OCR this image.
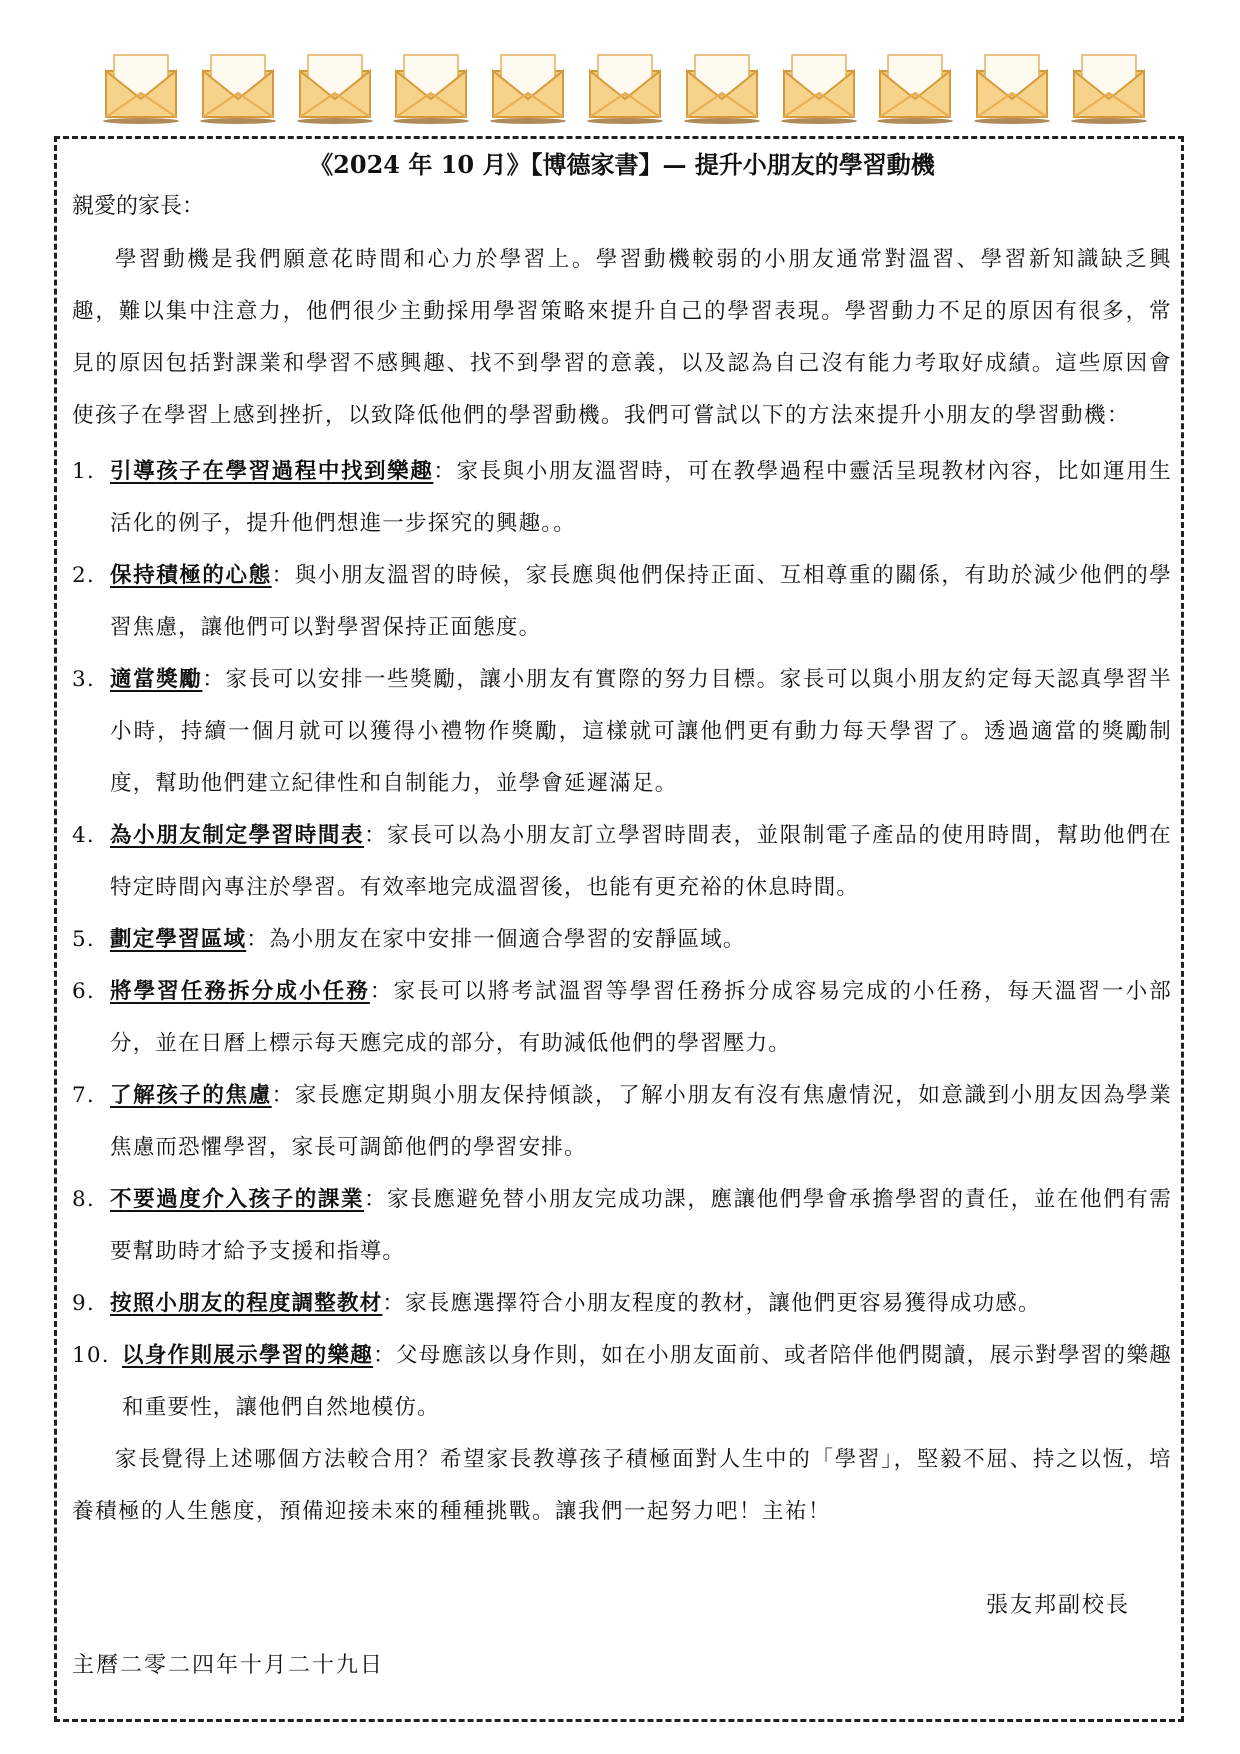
《2024 年 10 月》【博德家書】— 提升小朋友的學習動機
親愛的家長：

學習動機是我們願意花時間和心力於學習上。學習動機較弱的小朋友通常對溫習、學習新知識缺乏興趣，難以集中注意力，他們很少主動採用學習策略來提升自己的學習表現。學習動力不足的原因有很多，常見的原因包括對課業和學習不感興趣、找不到學習的意義，以及認為自己沒有能力考取好成績。這些原因會使孩子在學習上感到挫折，以致降低他們的學習動機。我們可嘗試以下的方法來提升小朋友的學習動機：

1. 引導孩子在學習過程中找到樂趣：家長與小朋友溫習時，可在教學過程中靈活呈現教材內容，比如運用生活化的例子，提升他們想進一步探究的興趣。。
2. 保持積極的心態：與小朋友溫習的時候，家長應與他們保持正面、互相尊重的關係，有助於減少他們的學習焦慮，讓他們可以對學習保持正面態度。
3. 適當獎勵：家長可以安排一些獎勵，讓小朋友有實際的努力目標。家長可以與小朋友約定每天認真學習半小時，持續一個月就可以獲得小禮物作獎勵，這樣就可讓他們更有動力每天學習了。透過適當的獎勵制度，幫助他們建立紀律性和自制能力，並學會延遲滿足。
4. 為小朋友制定學習時間表：家長可以為小朋友訂立學習時間表，並限制電子產品的使用時間，幫助他們在特定時間內專注於學習。有效率地完成溫習後，也能有更充裕的休息時間。
5. 劃定學習區域：為小朋友在家中安排一個適合學習的安靜區域。
6. 將學習任務拆分成小任務：家長可以將考試溫習等學習任務拆分成容易完成的小任務，每天溫習一小部分，並在日曆上標示每天應完成的部分，有助減低他們的學習壓力。
7. 了解孩子的焦慮：家長應定期與小朋友保持傾談，了解小朋友有沒有焦慮情況，如意識到小朋友因為學業焦慮而恐懼學習，家長可調節他們的學習安排。
8. 不要過度介入孩子的課業：家長應避免替小朋友完成功課，應讓他們學會承擔學習的責任，並在他們有需要幫助時才給予支援和指導。
9. 按照小朋友的程度調整教材：家長應選擇符合小朋友程度的教材，讓他們更容易獲得成功感。
10. 以身作則展示學習的樂趣：父母應該以身作則，如在小朋友面前、或者陪伴他們閱讀，展示對學習的樂趣和重要性，讓他們自然地模仿。

家長覺得上述哪個方法較合用？希望家長教導孩子積極面對人生中的「學習」，堅毅不屈、持之以恆，培養積極的人生態度，預備迎接未來的種種挑戰。讓我們一起努力吧！主祐！

張友邦副校長
主曆二零二四年十月二十九日
